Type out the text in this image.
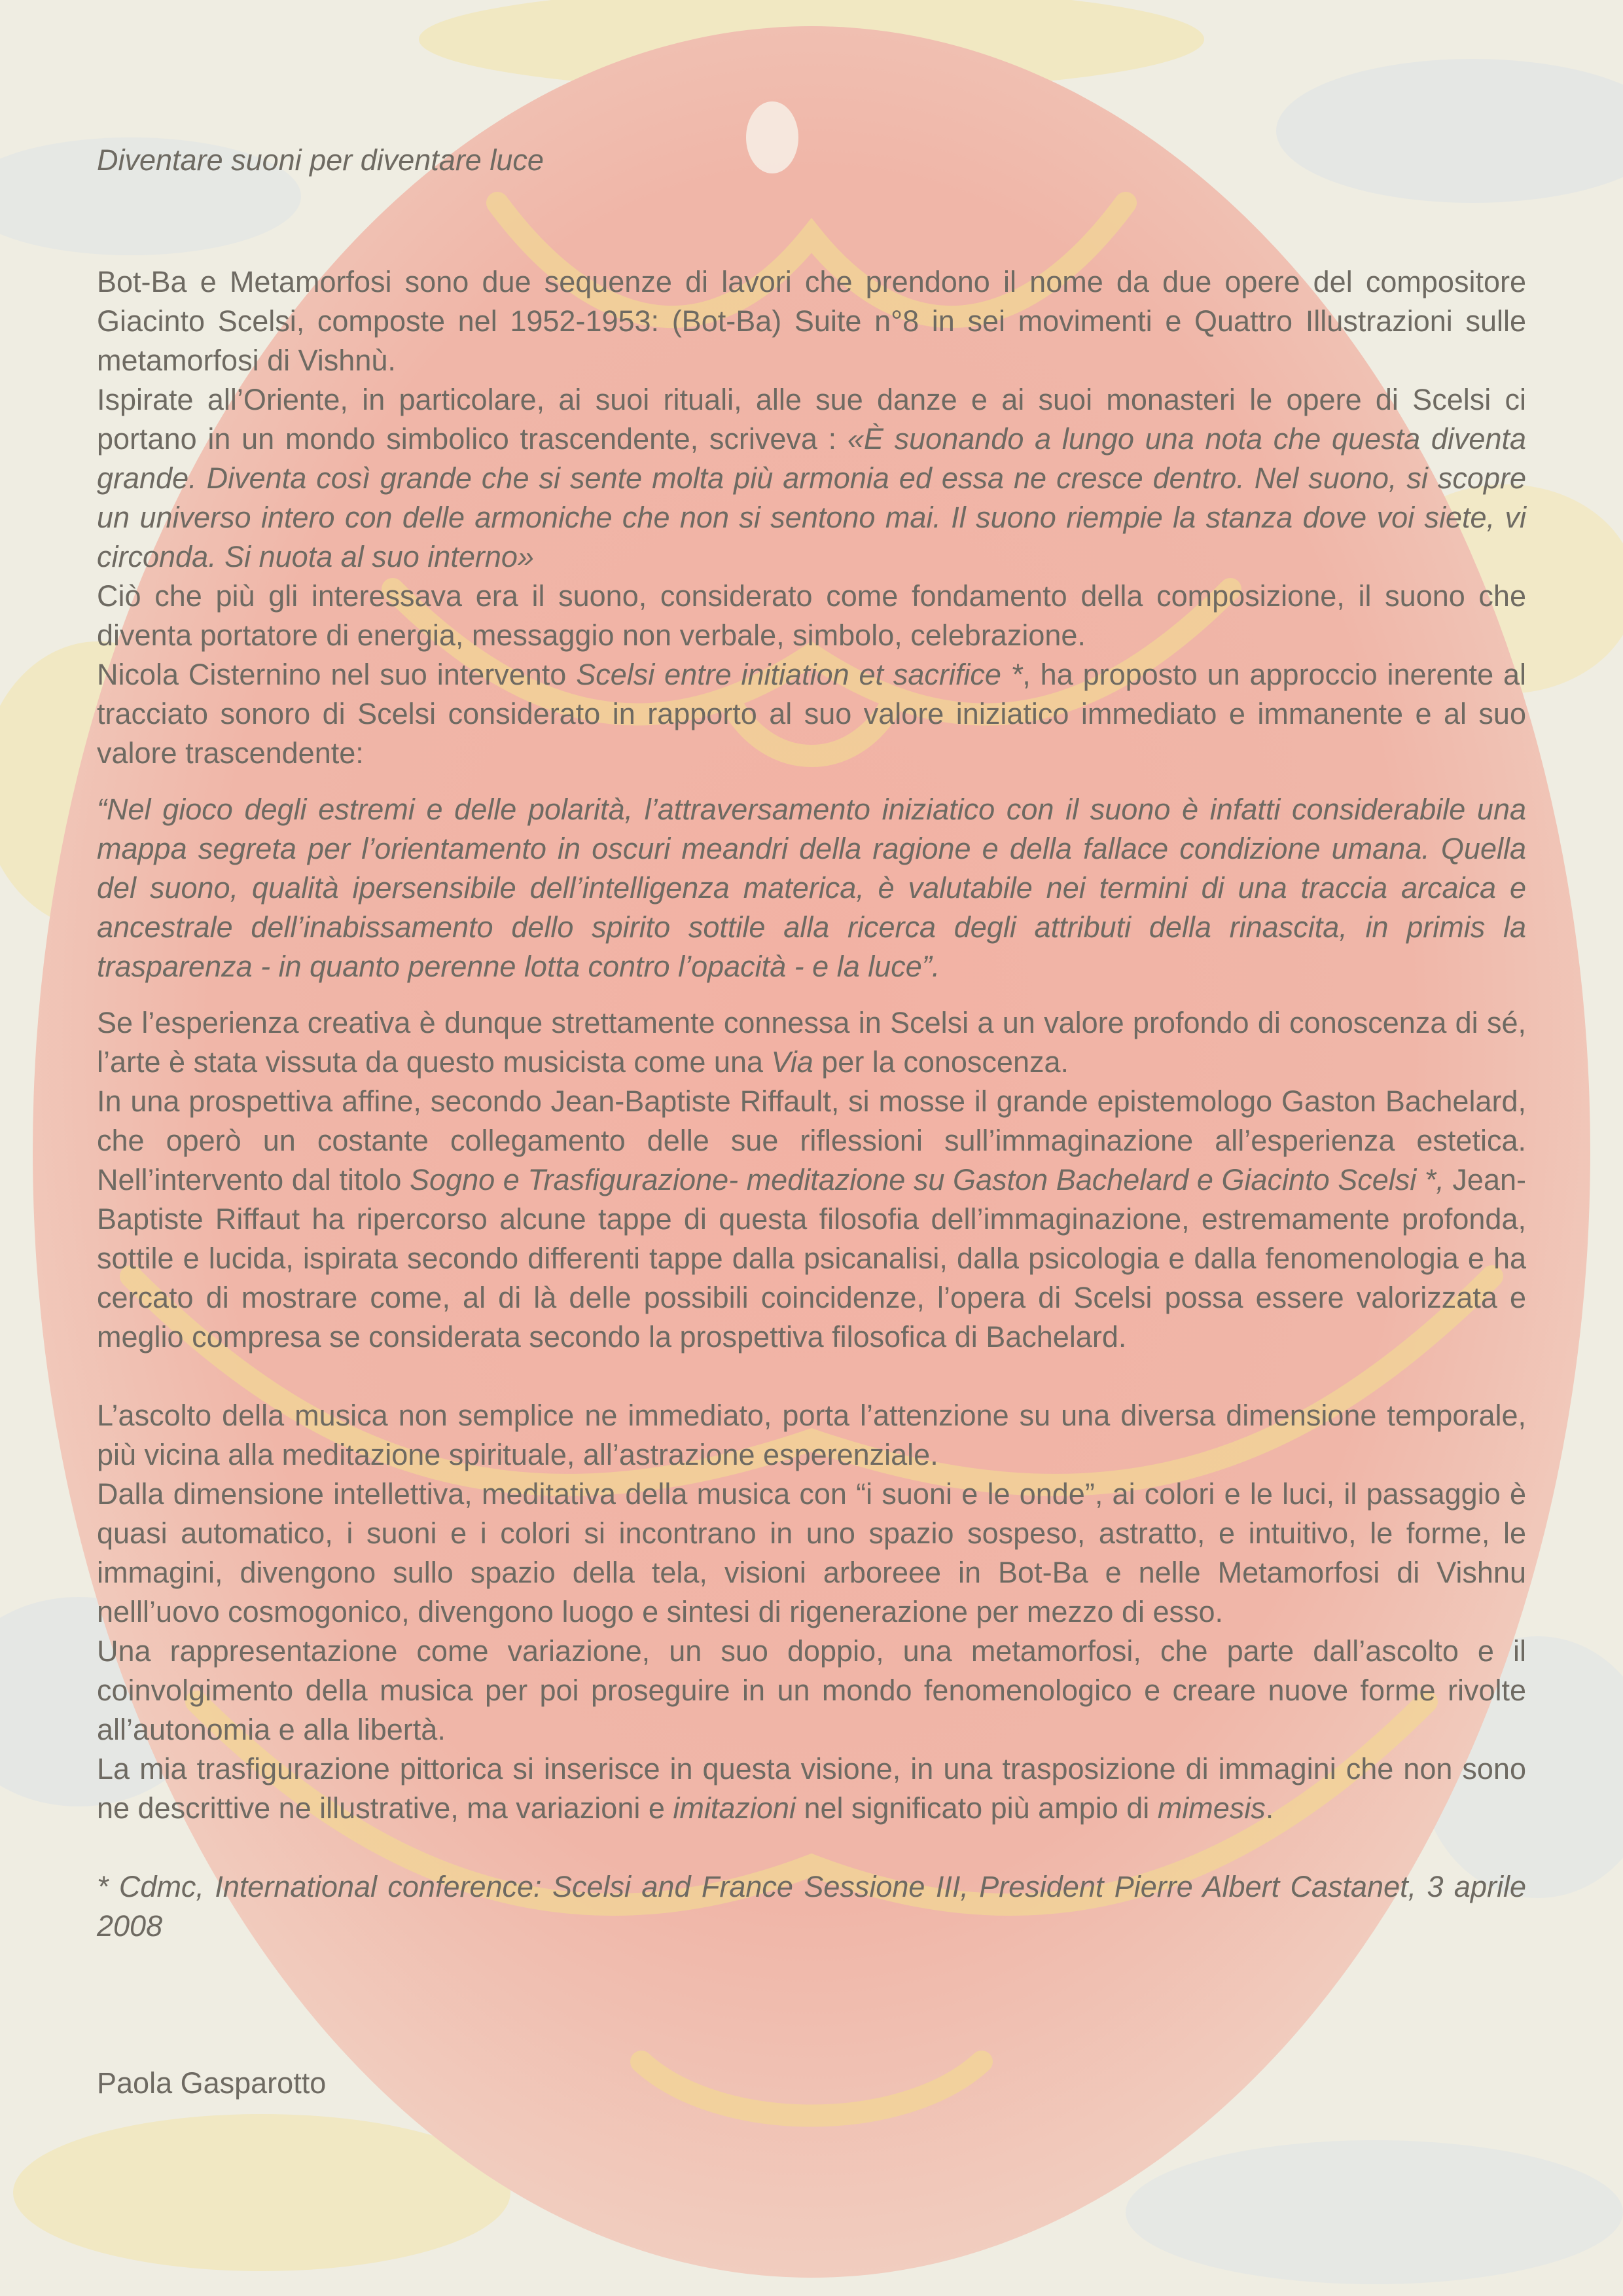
Diventare suoni per diventare luce

Bot-Ba e Metamorfosi sono due sequenze di lavori che prendono il nome da due opere del compositore Giacinto Scelsi, composte nel 1952-1953: (Bot-Ba) Suite n°8 in sei movimenti e Quattro Illustrazioni sulle metamorfosi di Vishnù.

Ispirate all’Oriente, in particolare, ai suoi rituali, alle sue danze e ai suoi monasteri le opere di Scelsi ci portano in un mondo simbolico trascendente, scriveva : «È suonando a lungo una nota che questa diventa grande. Diventa così grande che si sente molta più armonia ed essa ne cresce dentro. Nel suono, si scopre un universo intero con delle armoniche che non si sentono mai. Il suono riempie la stanza dove voi siete, vi circonda. Si nuota al suo interno»

Ciò che più gli interessava era il suono, considerato come fondamento della composizione, il suono che diventa portatore di energia, messaggio non verbale, simbolo, celebrazione.

Nicola Cisternino nel suo intervento Scelsi entre initiation et sacrifice *, ha proposto un approccio inerente al tracciato sonoro di Scelsi considerato in rapporto al suo valore iniziatico immediato e immanente e al suo valore trascendente:

“Nel gioco degli estremi e delle polarità, l’attraversamento iniziatico con il suono è infatti considerabile una mappa segreta per l’orientamento in oscuri meandri della ragione e della fallace condizione umana. Quella del suono, qualità ipersensibile dell’intelligenza materica, è valutabile nei termini di una traccia arcaica e ancestrale dell’inabissamento dello spirito sottile alla ricerca degli attributi della rinascita, in primis la trasparenza - in quanto perenne lotta contro l’opacità - e la luce”.

Se l’esperienza creativa è dunque strettamente connessa in Scelsi a un valore profondo di conoscenza di sé, l’arte è stata vissuta da questo musicista come una Via per la conoscenza.

In una prospettiva affine, secondo Jean-Baptiste Riffault, si mosse il grande epistemologo Gaston Bachelard, che operò un costante collegamento delle sue riflessioni sull’immaginazione all’esperienza estetica. Nell’intervento dal titolo Sogno e Trasfigurazione- meditazione su Gaston Bachelard e Giacinto Scelsi *, Jean-Baptiste Riffaut ha ripercorso alcune tappe di questa filosofia dell’immaginazione, estremamente profonda, sottile e lucida, ispirata secondo differenti tappe dalla psicanalisi, dalla psicologia e dalla fenomenologia e ha cercato di mostrare come, al di là delle possibili coincidenze, l’opera di Scelsi possa essere valorizzata e meglio compresa se considerata secondo la prospettiva filosofica di Bachelard.

L’ascolto della musica non semplice ne immediato, porta l’attenzione su una diversa dimensione temporale, più vicina alla meditazione spirituale, all’astrazione esperenziale.

Dalla dimensione intellettiva, meditativa della musica con “i suoni e le onde”, ai colori e le luci, il passaggio è quasi automatico, i suoni e i colori si incontrano in uno spazio sospeso, astratto, e intuitivo, le forme, le immagini, divengono sullo spazio della tela, visioni arboreee in Bot-Ba e nelle Metamorfosi di Vishnu nelll’uovo cosmogonico, divengono luogo e sintesi di rigenerazione per mezzo di esso.

Una rappresentazione come variazione, un suo doppio, una metamorfosi, che parte dall’ascolto e il coinvolgimento della musica per poi proseguire in un mondo fenomenologico e creare nuove forme rivolte all’autonomia e alla libertà.

La mia trasfigurazione pittorica si inserisce in questa visione, in una trasposizione di immagini che non sono ne descrittive ne illustrative, ma variazioni e imitazioni nel significato più ampio di mimesis.

* Cdmc, International conference: Scelsi and France Sessione III, President Pierre Albert Castanet, 3 aprile 2008

Paola Gasparotto
